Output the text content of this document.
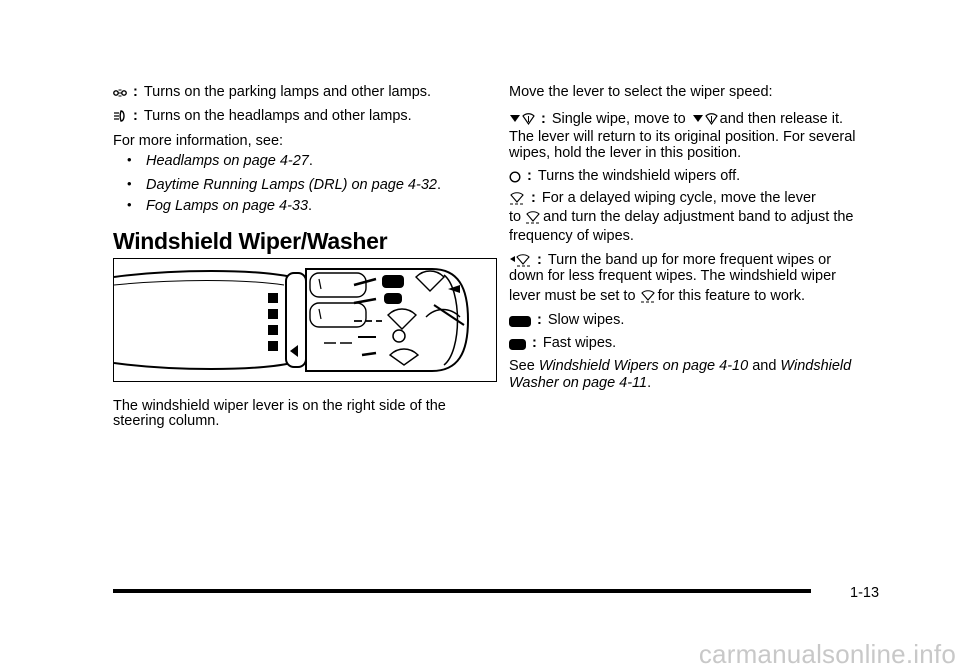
: Turns on the parking lamps and other lamps.
: Turns on the headlamps and other lamps.
For more information, see:
• Headlamps on page 4-27.
• Daytime Running Lamps (DRL) on page 4-32.
• Fog Lamps on page 4-33.
Windshield Wiper/Washer
The windshield wiper lever is on the right side of the
steering column.
Move the lever to select the wiper speed:
: Single wipe, move to and then release it.
The lever will return to its original position. For several
wipes, hold the lever in this position.
: Turns the windshield wipers off.
: For a delayed wiping cycle, move the lever
to and turn the delay adjustment band to adjust the
frequency of wipes.
: Turn the band up for more frequent wipes or
down for less frequent wipes. The windshield wiper
lever must be set to for this feature to work.
: Slow wipes.
: Fast wipes.
See Windshield Wipers on page 4-10 and Windshield
Washer on page 4-11.
1-13
carmanualsonline.info
